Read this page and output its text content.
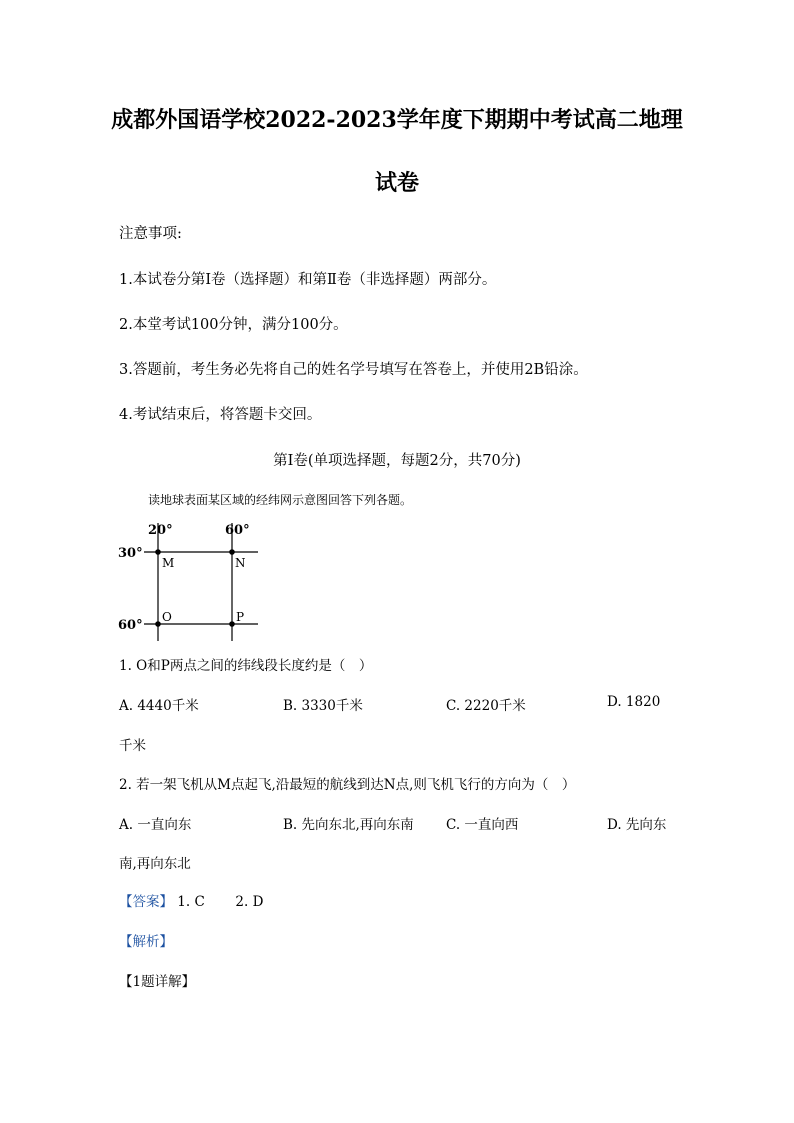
成都外国语学校2022-2023学年度下期期中考试高二地理
试卷
注意事项:
1.本试卷分第Ⅰ卷（选择题）和第Ⅱ卷（非选择题）两部分。
2.本堂考试100分钟，满分100分。
3.答题前，考生务必先将自己的姓名学号填写在答卷上，并使用2B铅涂。
4.考试结束后，将答题卡交回。
第Ⅰ卷(单项选择题，每题2分，共70分)
读地球表面某区域的经纬网示意图回答下列各题。
20°	60°
30°
60°
M	N
O	P
1. O和P两点之间的纬线段长度约是（　）
A. 4440千米	B. 3330千米	C. 2220千米	D. 1820
千米
2. 若一架飞机从M点起飞,沿最短的航线到达N点,则飞机飞行的方向为（　）
A. 一直向东	B. 先向东北,再向东南 C. 一直向西	D. 先向东
南,再向东北
【答案】 1. C 2. D
【解析】
【1题详解】
